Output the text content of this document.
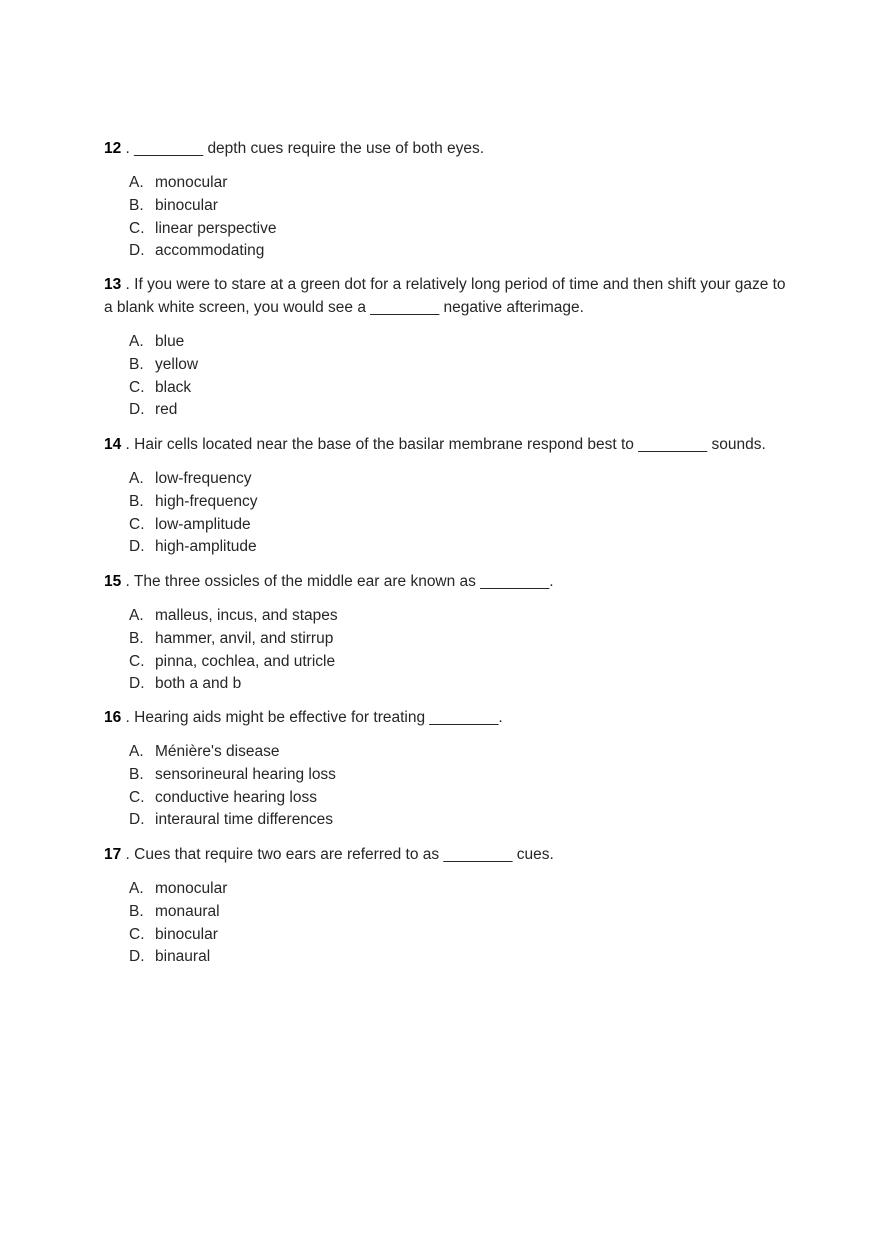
12 . ________ depth cues require the use of both eyes.

A. monocular
B. binocular
C. linear perspective
D. accommodating

13 . If you were to stare at a green dot for a relatively long period of time and then shift your gaze to a blank white screen, you would see a ________ negative afterimage.

A. blue
B. yellow
C. black
D. red

14 . Hair cells located near the base of the basilar membrane respond best to ________ sounds.

A. low-frequency
B. high-frequency
C. low-amplitude
D. high-amplitude

15 . The three ossicles of the middle ear are known as ________.

A. malleus, incus, and stapes
B. hammer, anvil, and stirrup
C. pinna, cochlea, and utricle
D. both a and b

16 . Hearing aids might be effective for treating ________.

A. Ménière's disease
B. sensorineural hearing loss
C. conductive hearing loss
D. interaural time differences

17 . Cues that require two ears are referred to as ________ cues.

A. monocular
B. monaural
C. binocular
D. binaural
